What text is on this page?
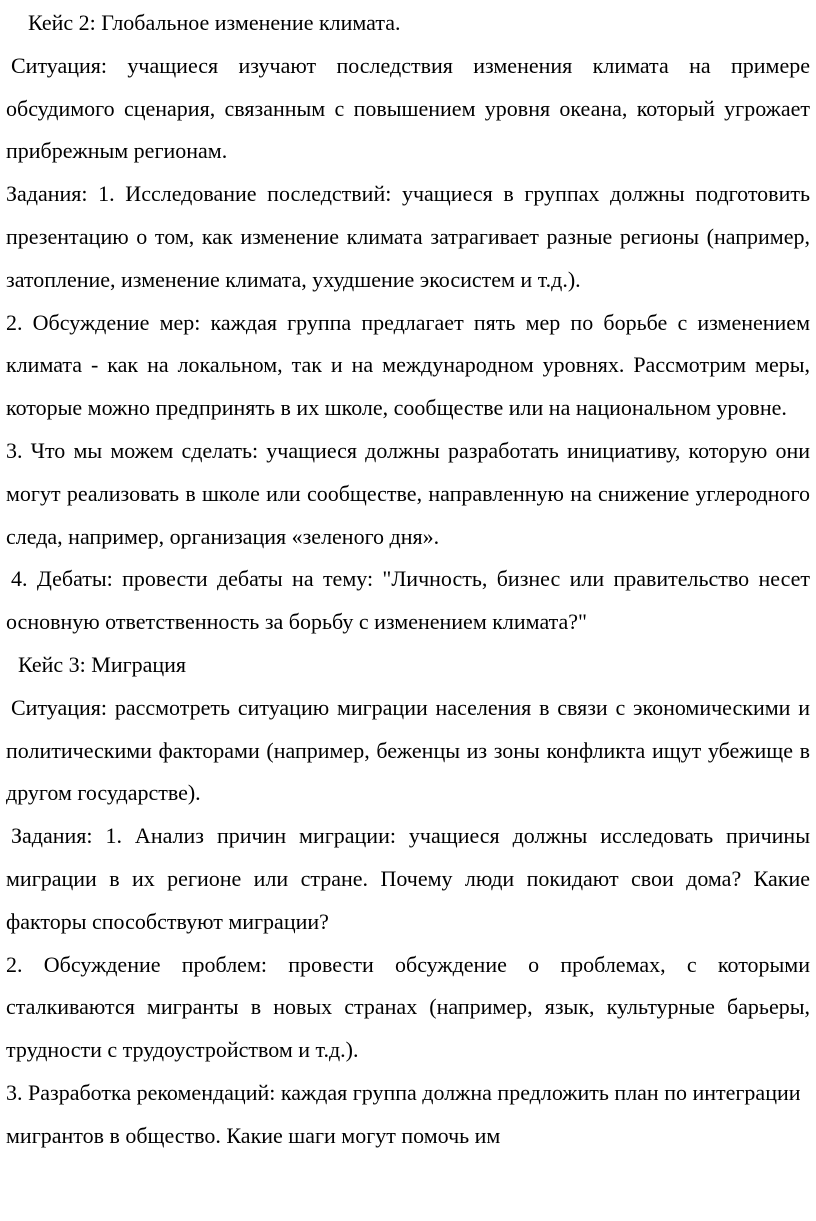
Кейс 2: Глобальное изменение климата.

Ситуация: учащиеся изучают последствия изменения климата на примере обсудимого сценария, связанным с повышением уровня океана, который угрожает прибрежным регионам.

Задания: 1. Исследование последствий: учащиеся в группах должны подготовить презентацию о том, как изменение климата затрагивает разные регионы (например, затопление, изменение климата, ухудшение экосистем и т.д.).

2. Обсуждение мер: каждая группа предлагает пять мер по борьбе с изменением климата - как на локальном, так и на международном уровнях. Рассмотрим меры, которые можно предпринять в их школе, сообществе или на национальном уровне.

3. Что мы можем сделать: учащиеся должны разработать инициативу, которую они могут реализовать в школе или сообществе, направленную на снижение углеродного следа, например, организация «зеленого дня».

4. Дебаты: провести дебаты на тему: "Личность, бизнес или правительство несет основную ответственность за борьбу с изменением климата?"

Кейс 3: Миграция

Ситуация: рассмотреть ситуацию миграции населения в связи с экономическими и политическими факторами (например, беженцы из зоны конфликта ищут убежище в другом государстве).

Задания: 1. Анализ причин миграции: учащиеся должны исследовать причины миграции в их регионе или стране. Почему люди покидают свои дома? Какие факторы способствуют миграции?

2. Обсуждение проблем: провести обсуждение о проблемах, с которыми сталкиваются мигранты в новых странах (например, язык, культурные барьеры, трудности с трудоустройством и т.д.).

3. Разработка рекомендаций: каждая группа должна предложить план по интеграции мигрантов в общество. Какие шаги могут помочь им
